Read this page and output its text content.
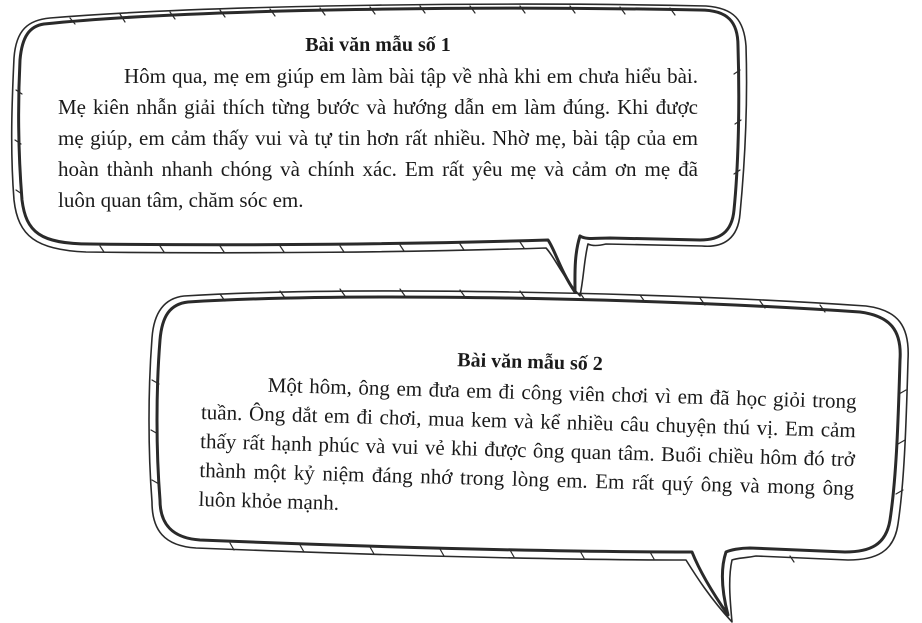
Bài văn mẫu số 1

Hôm qua, mẹ em giúp em làm bài tập về nhà khi em chưa hiểu bài. Mẹ kiên nhẫn giải thích từng bước và hướng dẫn em làm đúng. Khi được mẹ giúp, em cảm thấy vui và tự tin hơn rất nhiều. Nhờ mẹ, bài tập của em hoàn thành nhanh chóng và chính xác. Em rất yêu mẹ và cảm ơn mẹ đã luôn quan tâm, chăm sóc em.

Bài văn mẫu số 2

Một hôm, ông em đưa em đi công viên chơi vì em đã học giỏi trong tuần. Ông dắt em đi chơi, mua kem và kể nhiều câu chuyện thú vị. Em cảm thấy rất hạnh phúc và vui vẻ khi được ông quan tâm. Buổi chiều hôm đó trở thành một kỷ niệm đáng nhớ trong lòng em. Em rất quý ông và mong ông luôn khỏe mạnh.
